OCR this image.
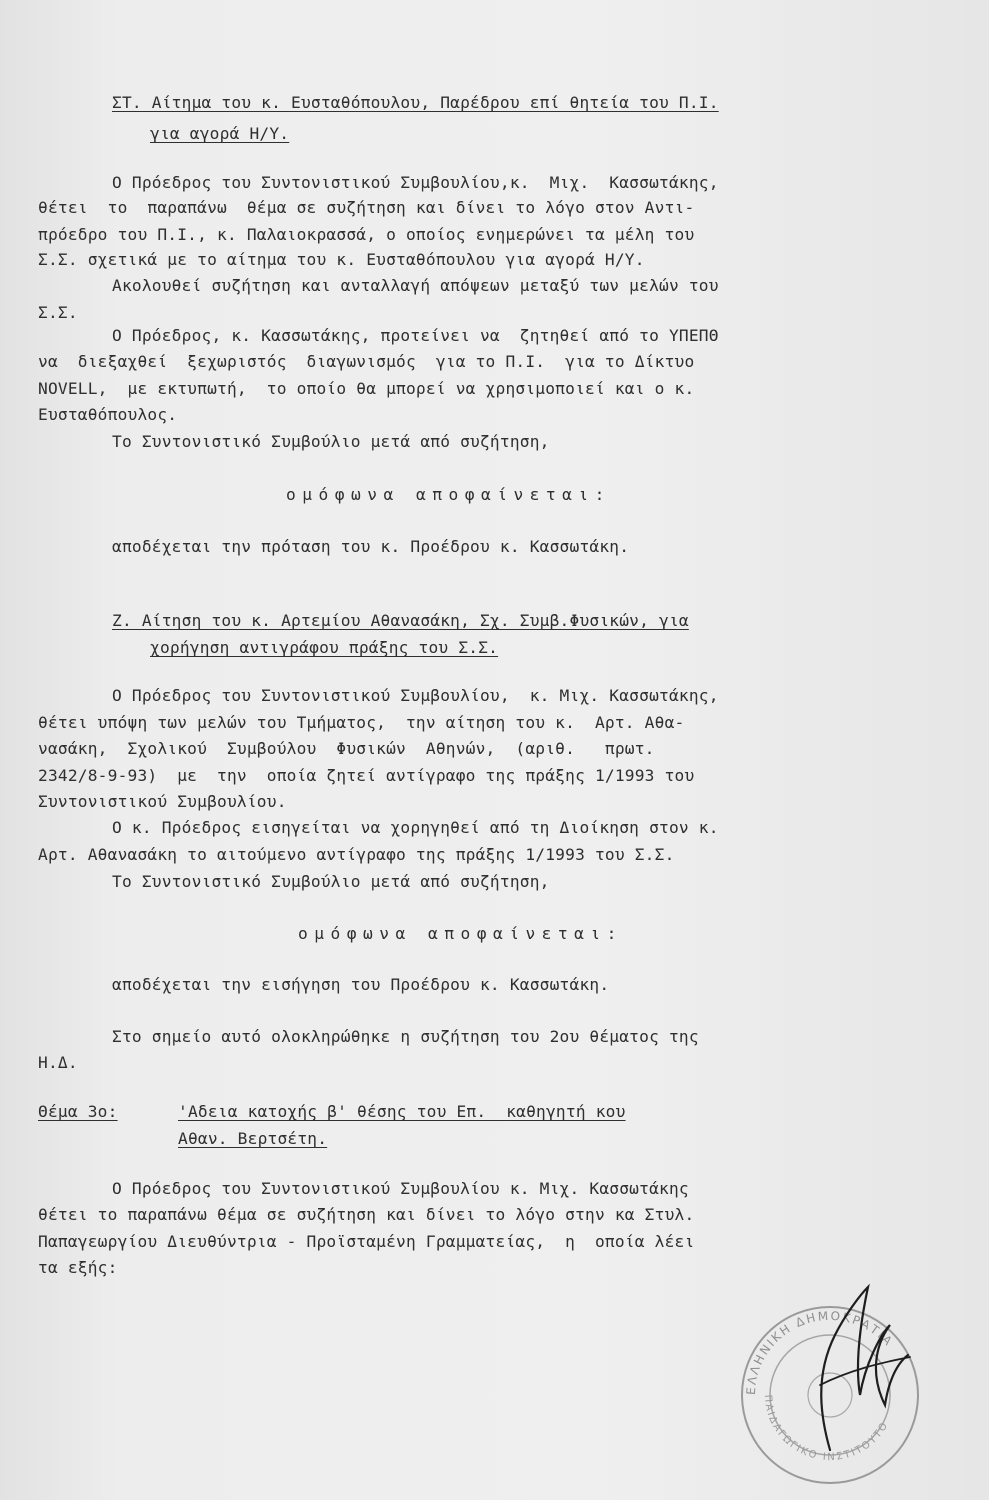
ΣΤ. Αίτημα του κ. Ευσταθόπουλου, Παρέδρου επί θητεία του Π.Ι.
για αγορά Η/Υ.
Ο Πρόεδρος του Συντονιστικού Συμβουλίου,κ.  Μιχ.  Κασσωτάκης,
θέτει  το  παραπάνω  θέμα σε συζήτηση και δίνει το λόγο στον Αντι-
πρόεδρο του Π.Ι., κ. Παλαιοκρασσά, ο οποίος ενημερώνει τα μέλη του
Σ.Σ. σχετικά με το αίτημα του κ. Ευσταθόπουλου για αγορά Η/Υ.
Ακολουθεί συζήτηση και ανταλλαγή απόψεων μεταξύ των μελών του
Σ.Σ.
Ο Πρόεδρος, κ. Κασσωτάκης, προτείνει να  ζητηθεί από το ΥΠΕΠΘ
να  διεξαχθεί  ξεχωριστός  διαγωνισμός  για το Π.Ι.  για το Δίκτυο
NOVELL,  με εκτυπωτή,  το οποίο θα μπορεί να χρησιμοποιεί και ο κ.
Ευσταθόπουλος.
Το Συντονιστικό Συμβούλιο μετά από συζήτηση,
ομόφωνα αποφαίνεται:
αποδέχεται την πρόταση του κ. Προέδρου κ. Κασσωτάκη.
Ζ. Αίτηση του κ. Αρτεμίου Αθανασάκη, Σχ. Συμβ.Φυσικών, για
χορήγηση αντιγράφου πράξης του Σ.Σ.
Ο Πρόεδρος του Συντονιστικού Συμβουλίου,  κ. Μιχ. Κασσωτάκης,
θέτει υπόψη των μελών του Τμήματος,  την αίτηση του κ.  Αρτ. Αθα-
νασάκη,  Σχολικού  Συμβούλου  Φυσικών  Αθηνών,  (αριθ.   πρωτ.
2342/8-9-93)  με  την  οποία ζητεί αντίγραφο της πράξης 1/1993 του
Συντονιστικού Συμβουλίου.
Ο κ. Πρόεδρος εισηγείται να χορηγηθεί από τη Διοίκηση στον κ.
Αρτ. Αθανασάκη το αιτούμενο αντίγραφο της πράξης 1/1993 του Σ.Σ.
Το Συντονιστικό Συμβούλιο μετά από συζήτηση,
ομόφωνα αποφαίνεται:
αποδέχεται την εισήγηση του Προέδρου κ. Κασσωτάκη.
Στο σημείο αυτό ολοκληρώθηκε η συζήτηση του 2ου θέματος της
Η.Δ.
Θέμα 3ο:	'Αδεια κατοχής β' θέσης του Επ.  καθηγητή κου
Αθαν. Βερτσέτη.
Ο Πρόεδρος του Συντονιστικού Συμβουλίου κ. Μιχ. Κασσωτάκης
θέτει το παραπάνω θέμα σε συζήτηση και δίνει το λόγο στην κα Στυλ.
Παπαγεωργίου Διευθύντρια - Προϊσταμένη Γραμματείας,  η  οποία λέει
τα εξής:
ΕΛΛΗΝΙΚΗ ΔΗΜΟΚΡΑΤΙΑ
ΠΑΙΔΑΓΩΓΙΚΟ ΙΝΣΤΙΤΟΥΤΟ
